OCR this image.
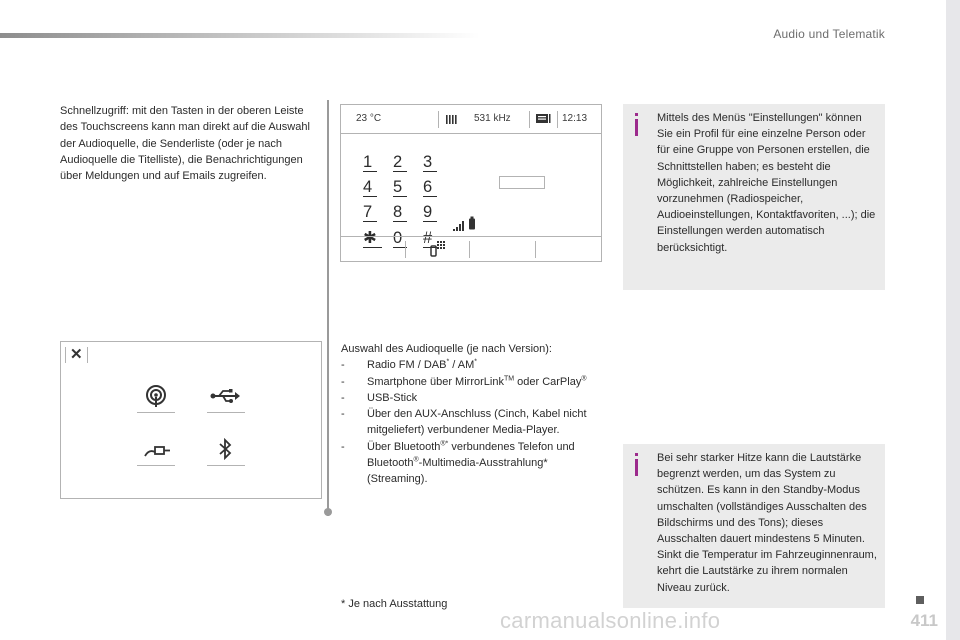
Audio und Telematik
Schnellzugriff: mit den Tasten in der oberen Leiste des Touchscreens kann man direkt auf die Auswahl der Audioquelle, die Senderliste (oder je nach Audioquelle die Titelliste), die Benachrichtigungen über Meldungen und auf Emails zugreifen.
23 °C	531 kHz	12:13
1 2 3
4 5 6
7 8 9
✱ 0 #
Mittels des Menüs "Einstellungen" können Sie ein Profil für eine einzelne Person oder für eine Gruppe von Personen erstellen, die Schnittstellen haben; es besteht die Möglichkeit, zahlreiche Einstellungen vorzunehmen (Radiospeicher, Audioeinstellungen, Kontaktfavoriten, ...); die Einstellungen werden automatisch berücksichtigt.
✕	Auswahl des Audioquelle (je nach Version):
- Radio FM / DAB* / AM*
- Smartphone über MirrorLink™ oder CarPlay®
- USB-Stick
- Über den AUX-Anschluss (Cinch, Kabel nicht mitgeliefert) verbundener Media-Player.
- Über Bluetooth®* verbundenes Telefon und Bluetooth®-Multimedia-Ausstrahlung* (Streaming).
Bei sehr starker Hitze kann die Lautstärke begrenzt werden, um das System zu schützen. Es kann in den Standby-Modus umschalten (vollständiges Ausschalten des Bildschirms und des Tons); dieses Ausschalten dauert mindestens 5 Minuten. Sinkt die Temperatur im Fahrzeuginnenraum, kehrt die Lautstärke zu ihrem normalen Niveau zurück.
* Je nach Ausstattung
carmanualsonline.info	411
